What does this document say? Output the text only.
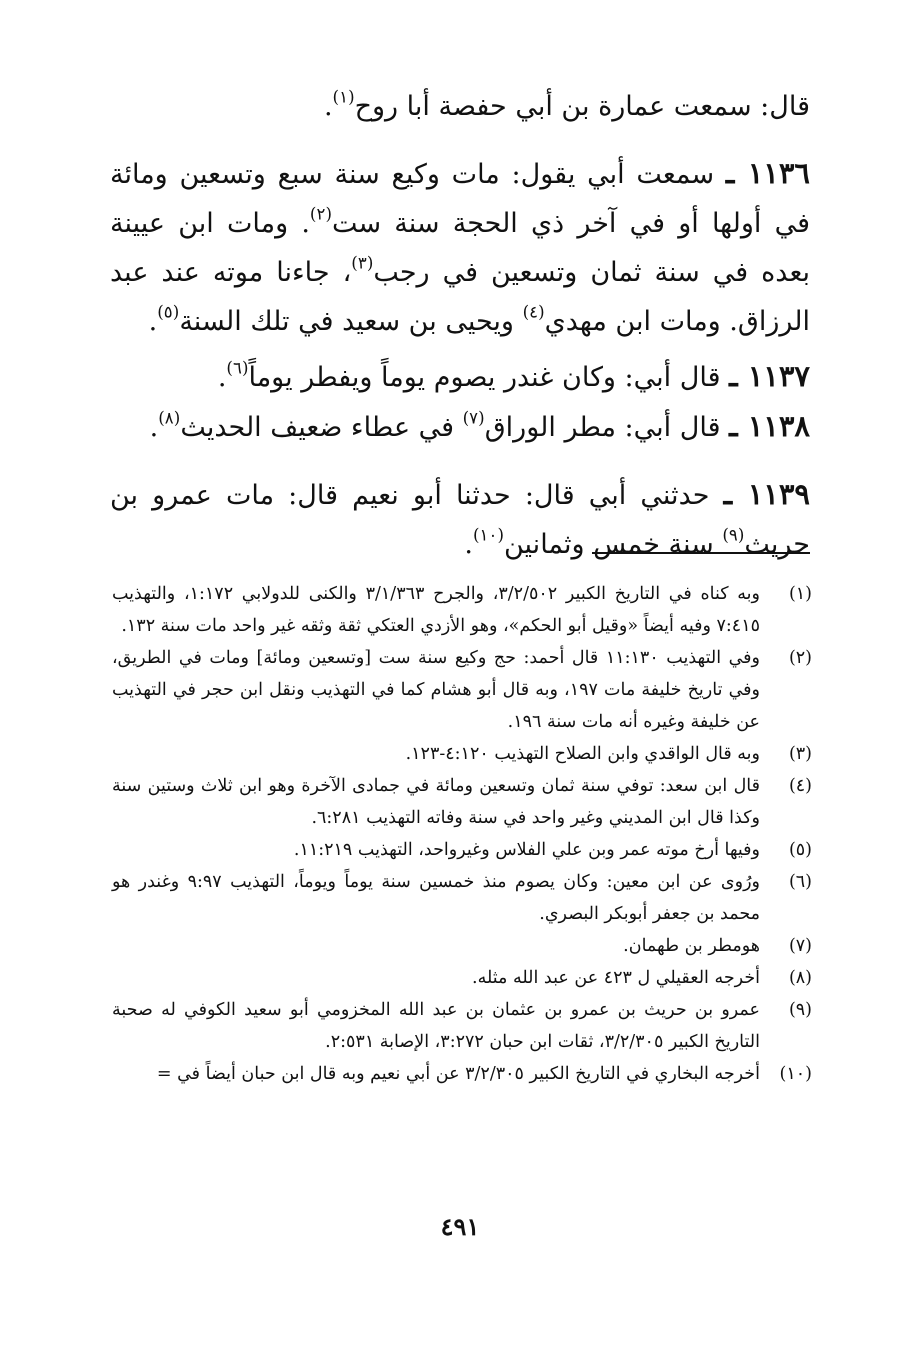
قال: سمعت عمارة بن أبي حفصة أبا روح$^{(١)}$.

١١٣٦ ـ سمعت أبي يقول: مات وكيع سنة سبع وتسعين ومائة في أولها أو في آخر ذي الحجة سنة ست$^{(٢)}$. ومات ابن عيينة بعده في سنة ثمان وتسعين في رجب$^{(٣)}$، جاءنا موته عند عبد الرزاق. ومات ابن مهدي$^{(٤)}$ ويحيى بن سعيد في تلك السنة$^{(٥)}$.

١١٣٧ ـ قال أبي: وكان غندر يصوم يوماً ويفطر يوماً$^{(٦)}$.

١١٣٨ ـ قال أبي: مطر الوراق$^{(٧)}$ في عطاء ضعيف الحديث$^{(٨)}$.

١١٣٩ ـ حدثني أبي قال: حدثنا أبو نعيم قال: مات عمرو بن حريث$^{(٩)}$ سنة خمس وثمانين$^{(١٠)}$.

(١)
وبه كناه في التاريخ الكبير ٣/٢/٥٠٢، والجرح ٣/١/٣٦٣ والكنى للدولابي ١:١٧٢، والتهذيب ٧:٤١٥ وفيه أيضاً «وقيل أبو الحكم»، وهو الأزدي العتكي ثقة وثقه غير واحد مات سنة ١٣٢.
(٢)
وفي التهذيب ١١:١٣٠ قال أحمد: حج وكيع سنة ست [وتسعين ومائة] ومات في الطريق، وفي تاريخ خليفة مات ١٩٧، وبه قال أبو هشام كما في التهذيب ونقل ابن حجر في التهذيب عن خليفة وغيره أنه مات سنة ١٩٦.
(٣)
وبه قال الواقدي وابن الصلاح التهذيب ٤:١٢٠-١٢٣.
(٤)
قال ابن سعد: توفي سنة ثمان وتسعين ومائة في جمادى الآخرة وهو ابن ثلاث وستين سنة وكذا قال ابن المديني وغير واحد في سنة وفاته التهذيب ٦:٢٨١.
(٥)
وفيها أرخ موته عمر وبن علي الفلاس وغيرواحد، التهذيب ١١:٢١٩.
(٦)
ورُوى عن ابن معين: وكان يصوم منذ خمسين سنة يوماً ويوماً، التهذيب ٩:٩٧ وغندر هو محمد بن جعفر أبوبكر البصري.
(٧)
هومطر بن طهمان.
(٨)
أخرجه العقيلي ل ٤٢٣ عن عبد الله مثله.
(٩)
عمرو بن حريث بن عمرو بن عثمان بن عبد الله المخزومي أبو سعيد الكوفي له صحبة التاريخ الكبير ٣/٢/٣٠٥، ثقات ابن حبان ٣:٢٧٢، الإصابة ٢:٥٣١.
(١٠)
أخرجه البخاري في التاريخ الكبير ٣/٢/٣٠٥ عن أبي نعيم وبه قال ابن حبان أيضاً في =
٤٩١
